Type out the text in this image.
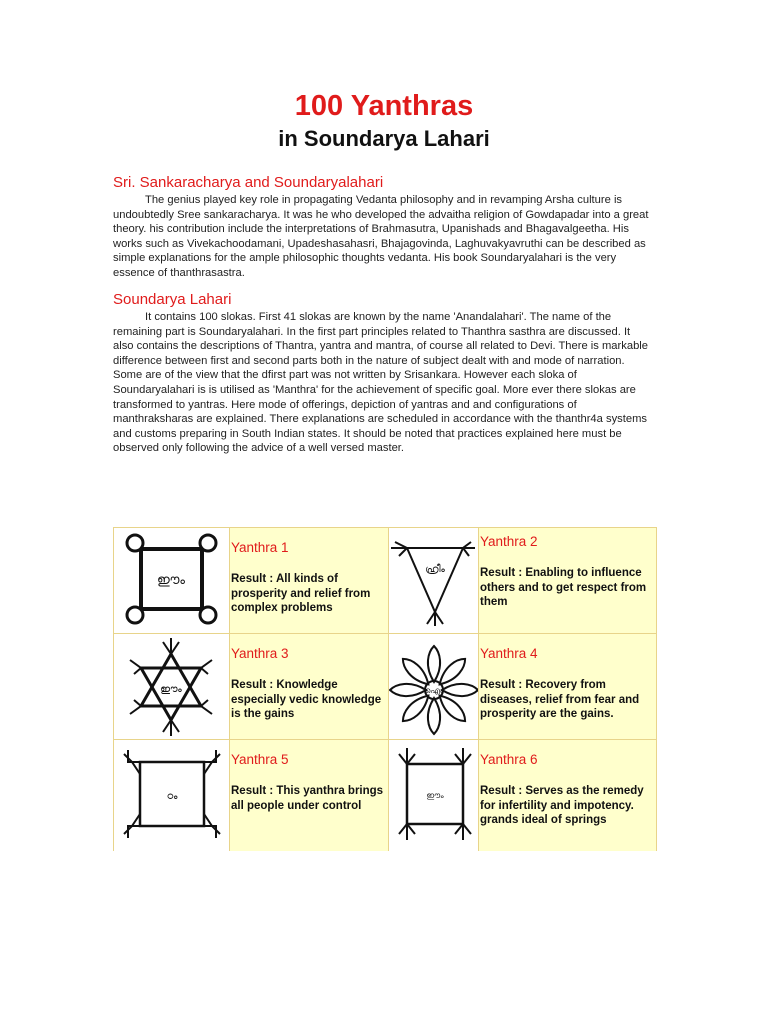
100 Yanthras
in Soundarya Lahari
Sri. Sankaracharya and Soundaryalahari

The genius played key role in propagating Vedanta philosophy and in revamping Arsha culture is undoubtedly Sree sankaracharya. It was he who developed the advaitha religion of Gowdapadar into a great theory. his contribution include the interpretations of Brahmasutra, Upanishads and Bhagavalgeetha. His works such as Vivekachoodamani, Upadeshasahasri, Bhajagovinda, Laghuvakyavruthi can be described as simple explanations for the ample philosophic thoughts vedanta. His book Soundaryalahari is the very essence of thanthrasastra.

Soundarya Lahari

It contains 100 slokas. First 41 slokas are known by the name 'Anandalahari'. The name of the remaining part is Soundaryalahari. In the first part principles related to Thanthra sasthra are discussed. It also contains the descriptions of Thantra, yantra and mantra, of course all related to Devi. There is markable difference between first and second parts both in the nature of subject dealt with and mode of narration. Some are of the view that the dfirst part was not written by Srisankara. However each sloka of Soundaryalahari is is utilised as 'Manthra' for the achievement of specific goal. More ever there slokas are transformed to yantras. Here mode of offerings, depiction of yantras and and configurations of manthraksharas are explained. There explanations are scheduled in accordance with the thanthr4a systems and customs preparing in South Indian states. It should be noted that practices explained here must be observed only following the advice of a well versed master.

ഈം

Yanthra 1

Result : All kinds of prosperity and relief from complex problems

ഹ്രീം

Yanthra 2

Result : Enabling to influence others and to get respect from them

ഈം

Yanthra 3

Result : Knowledge especially vedic knowledge is the gains

ഐം

Yanthra 4

Result : Recovery from diseases, relief from fear and prosperity are the gains.

ഠം

Yanthra 5

Result : This yanthra brings all people under control

ഈം

Yanthra 6

Result : Serves as the remedy for infertility and impotency. grands ideal of springs
